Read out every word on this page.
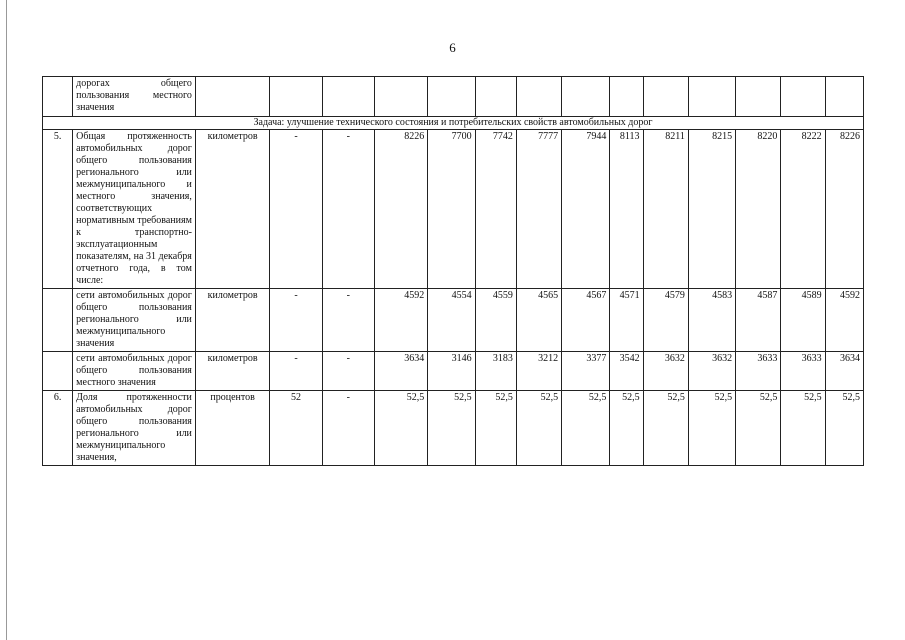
6
	дорогах общего пользования местного значения														
Задача: улучшение технического состояния и потребительских свойств автомобильных дорог															
5.	Общая протяженность автомобильных дорог общего пользования регионального или межмуниципального и местного значения, соответствующих нормативным требованиям к транспортно-эксплуатационным показателям, на 31 декабря отчетного года, в том числе:	километров	-	-	8226	7700	7742	7777	7944	8113	8211	8215	8220	8222	8226
	сети автомобильных дорог общего пользования регионального или межмуниципального значения	километров	-	-	4592	4554	4559	4565	4567	4571	4579	4583	4587	4589	4592
	сети автомобильных дорог общего пользования местного значения	километров	-	-	3634	3146	3183	3212	3377	3542	3632	3632	3633	3633	3634
6.	Доля протяженности автомобильных дорог общего пользования регионального или межмуниципального значения,	процентов	52	-	52,5	52,5	52,5	52,5	52,5	52,5	52,5	52,5	52,5	52,5	52,5
